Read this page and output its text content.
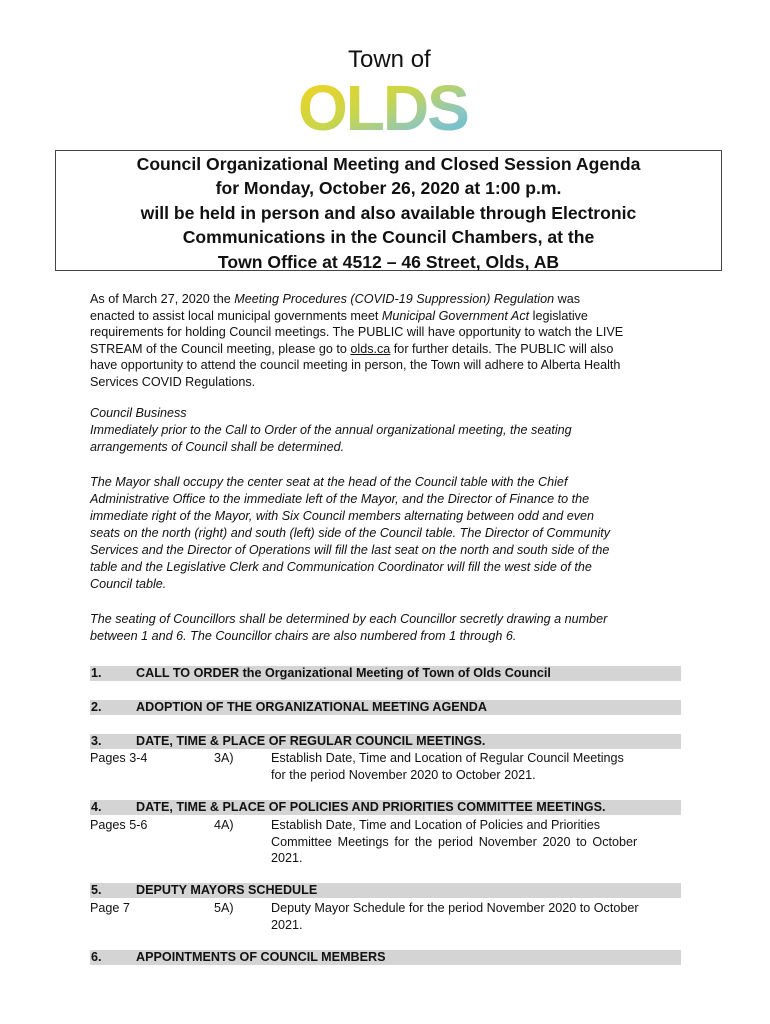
Town of
OLDS
Council Organizational Meeting and Closed Session Agenda
for Monday, October 26, 2020 at 1:00 p.m.
will be held in person and also available through Electronic
Communications in the Council Chambers, at the
Town Office at 4512 – 46 Street, Olds, AB
As of March 27, 2020 the Meeting Procedures (COVID-19 Suppression) Regulation was
enacted to assist local municipal governments meet Municipal Government Act legislative
requirements for holding Council meetings. The PUBLIC will have opportunity to watch the LIVE
STREAM of the Council meeting, please go to olds.ca for further details. The PUBLIC will also
have opportunity to attend the council meeting in person, the Town will adhere to Alberta Health
Services COVID Regulations.
Council Business
Immediately prior to the Call to Order of the annual organizational meeting, the seating
arrangements of Council shall be determined.
The Mayor shall occupy the center seat at the head of the Council table with the Chief
Administrative Office to the immediate left of the Mayor, and the Director of Finance to the
immediate right of the Mayor, with Six Council members alternating between odd and even
seats on the north (right) and south (left) side of the Council table. The Director of Community
Services and the Director of Operations will fill the last seat on the north and south side of the
table and the Legislative Clerk and Communication Coordinator will fill the west side of the
Council table.
The seating of Councillors shall be determined by each Councillor secretly drawing a number
between 1 and 6. The Councillor chairs are also numbered from 1 through 6.
1.	CALL TO ORDER the Organizational Meeting of Town of Olds Council
2.	ADOPTION OF THE ORGANIZATIONAL MEETING AGENDA
3.	DATE, TIME & PLACE OF REGULAR COUNCIL MEETINGS.
Pages 3-4	3A)	Establish Date, Time and Location of Regular Council Meetings
for the period November 2020 to October 2021.
4.	DATE, TIME & PLACE OF POLICIES AND PRIORITIES COMMITTEE MEETINGS.
Pages 5-6	4A)	Establish Date, Time and Location of Policies and Priorities
Committee Meetings for the period November 2020 to October
2021.
5.	DEPUTY MAYORS SCHEDULE
Page 7	5A)	Deputy Mayor Schedule for the period November 2020 to October
2021.
6.	APPOINTMENTS OF COUNCIL MEMBERS
